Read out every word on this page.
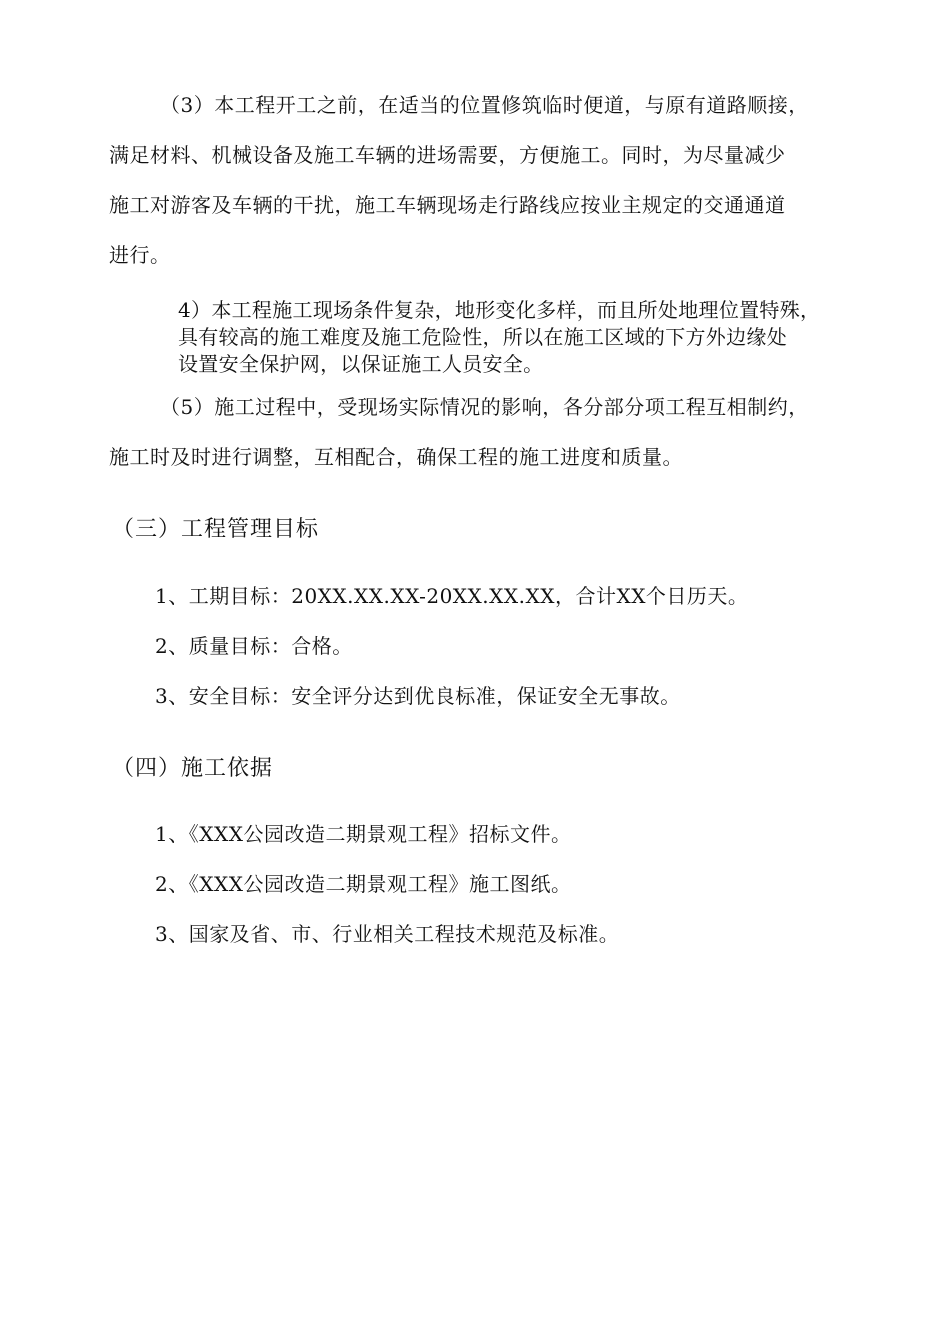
（3）本工程开工之前，在适当的位置修筑临时便道，与原有道路顺接，
满足材料、机械设备及施工车辆的进场需要，方便施工。同时，为尽量减少
施工对游客及车辆的干扰，施工车辆现场走行路线应按业主规定的交通通道
进行。
4）本工程施工现场条件复杂，地形变化多样，而且所处地理位置特殊，
具有较高的施工难度及施工危险性，所以在施工区域的下方外边缘处
设置安全保护网，以保证施工人员安全。
（5）施工过程中，受现场实际情况的影响，各分部分项工程互相制约，
施工时及时进行调整，互相配合，确保工程的施工进度和质量。
（三）工程管理目标
1、工期目标：20XX.XX.XX-20XX.XX.XX，合计XX个日历天。
2、质量目标：合格。
3、安全目标：安全评分达到优良标准，保证安全无事故。
（四）施工依据
1、《XXX公园改造二期景观工程》招标文件。
2、《XXX公园改造二期景观工程》施工图纸。
3、国家及省、市、行业相关工程技术规范及标准。
